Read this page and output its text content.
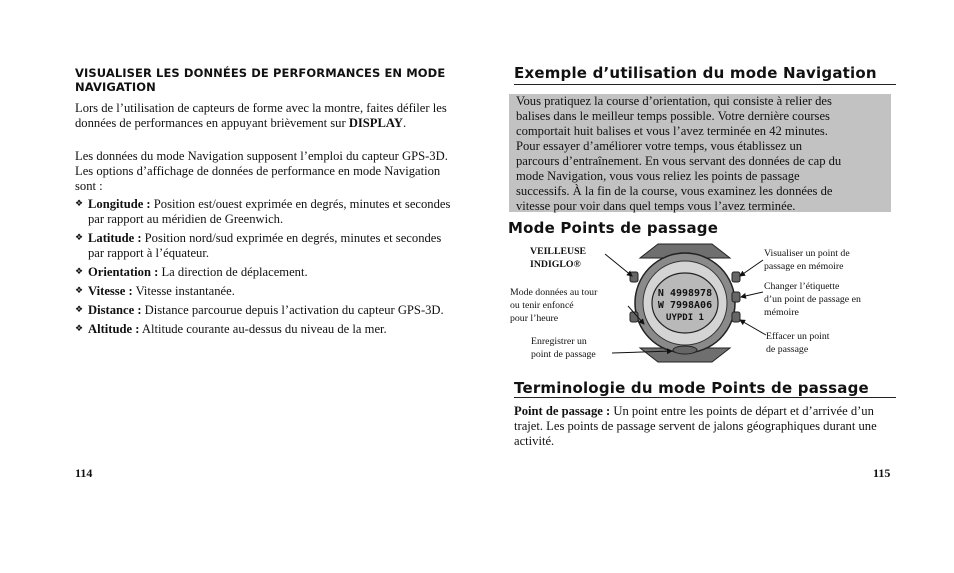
VISUALISER LES DONNÉES DE PERFORMANCES EN MODE NAVIGATION
Lors de l’utilisation de capteurs de forme avec la montre, faites défiler les données de performances en appuyant brièvement sur DISPLAY.
Les données du mode Navigation supposent l’emploi du capteur GPS-3D. Les options d’affichage de données de performance en mode Navigation sont :
❖ Longitude : Position est/ouest exprimée en degrés, minutes et secondes par rapport au méridien de Greenwich.
❖ Latitude : Position nord/sud exprimée en degrés, minutes et secondes par rapport à l’équateur.
❖ Orientation : La direction de déplacement.
❖ Vitesse : Vitesse instantanée.
❖ Distance : Distance parcourue depuis l’activation du capteur GPS-3D.
❖ Altitude : Altitude courante au-dessus du niveau de la mer.
114
Exemple d’utilisation du mode Navigation
Vous pratiquez la course d’orientation, qui consiste à relier des
balises dans le meilleur temps possible. Votre dernière courses
comportait huit balises et vous l’avez terminée en 42 minutes.
Pour essayer d’améliorer votre temps, vous établissez un
parcours d’entraînement. En vous servant des données de cap du
mode Navigation, vous vous reliez les points de passage
successifs. À la fin de la course, vous examinez les données de
vitesse pour voir dans quel temps vous l’avez terminée.
Mode Points de passage
VEILLEUSE
INDIGLO®
Mode données au tour
ou tenir enfoncé
pour l’heure
Enregistrer un
point de passage
Visualiser un point de
passage en mémoire
Changer l’étiquette
d’un point de passage en
mémoire
Effacer un point
de passage
N 4998978
W 7998A06
UYPDI 1
Terminologie du mode Points de passage
Point de passage : Un point entre les points de départ et d’arrivée d’un trajet. Les points de passage servent de jalons géographiques durant une activité.
115
